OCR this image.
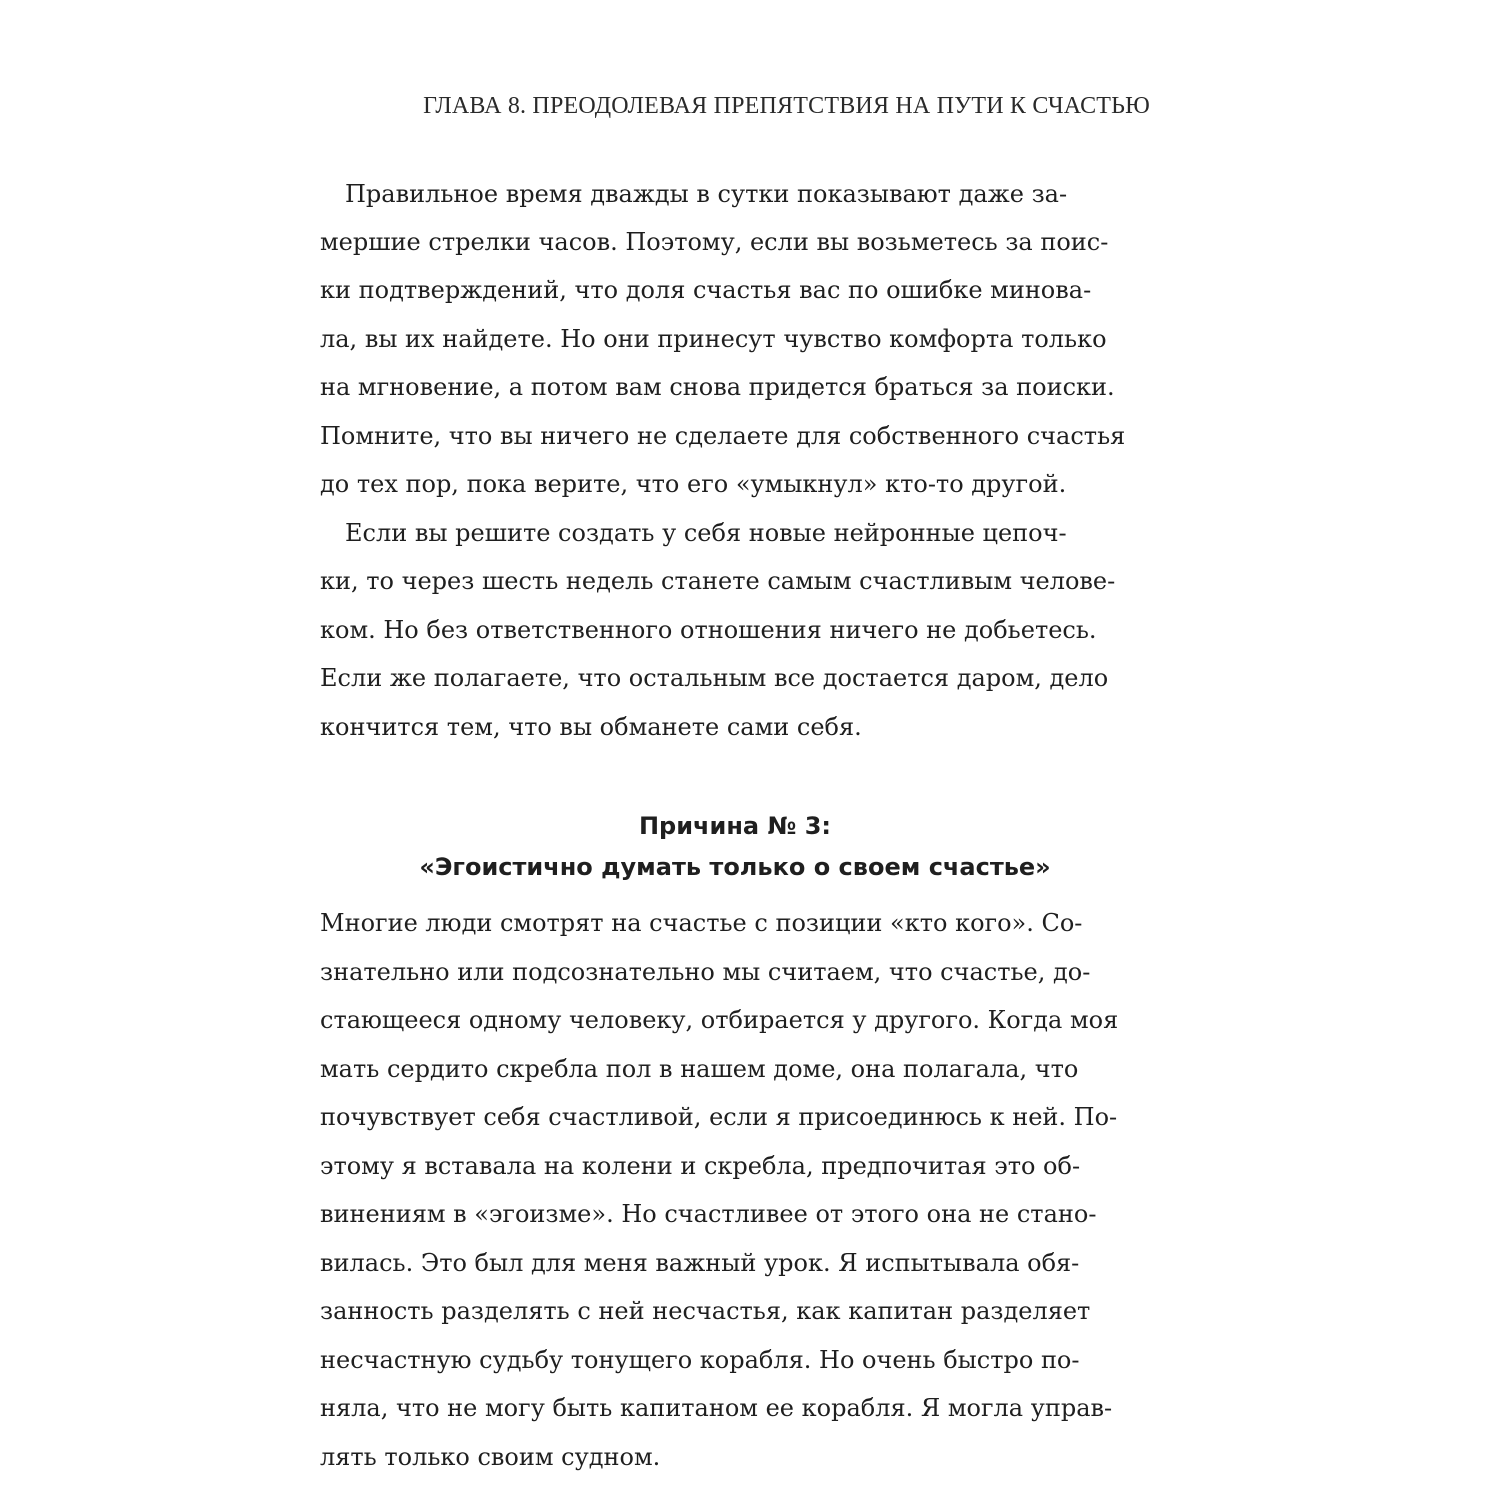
ГЛАВА 8. ПРЕОДОЛЕВАЯ ПРЕПЯТСТВИЯ НА ПУТИ К СЧАСТЬЮ
Правильное время дважды в сутки показывают даже за-
мершие стрелки часов. Поэтому, если вы возьметесь за поис-
ки подтверждений, что доля счастья вас по ошибке минова-
ла, вы их найдете. Но они принесут чувство комфорта только
на мгновение, а потом вам снова придется браться за поиски.
Помните, что вы ничего не сделаете для собственного счастья
до тех пор, пока верите, что его «умыкнул» кто-то другой.
Если вы решите создать у себя новые нейронные цепоч-
ки, то через шесть недель станете самым счастливым челове-
ком. Но без ответственного отношения ничего не добьетесь.
Если же полагаете, что остальным все достается даром, дело
кончится тем, что вы обманете сами себя.
Причина № 3:
«Эгоистично думать только о своем счастье»
Многие люди смотрят на счастье с позиции «кто кого». Со-
знательно или подсознательно мы считаем, что счастье, до-
стающееся одному человеку, отбирается у другого. Когда моя
мать сердито скребла пол в нашем доме, она полагала, что
почувствует себя счастливой, если я присоединюсь к ней. По-
этому я вставала на колени и скребла, предпочитая это об-
винениям в «эгоизме». Но счастливее от этого она не стано-
вилась. Это был для меня важный урок. Я испытывала обя-
занность разделять с ней несчастья, как капитан разделяет
несчастную судьбу тонущего корабля. Но очень быстро по-
няла, что не могу быть капитаном ее корабля. Я могла управ-
лять только своим судном.
